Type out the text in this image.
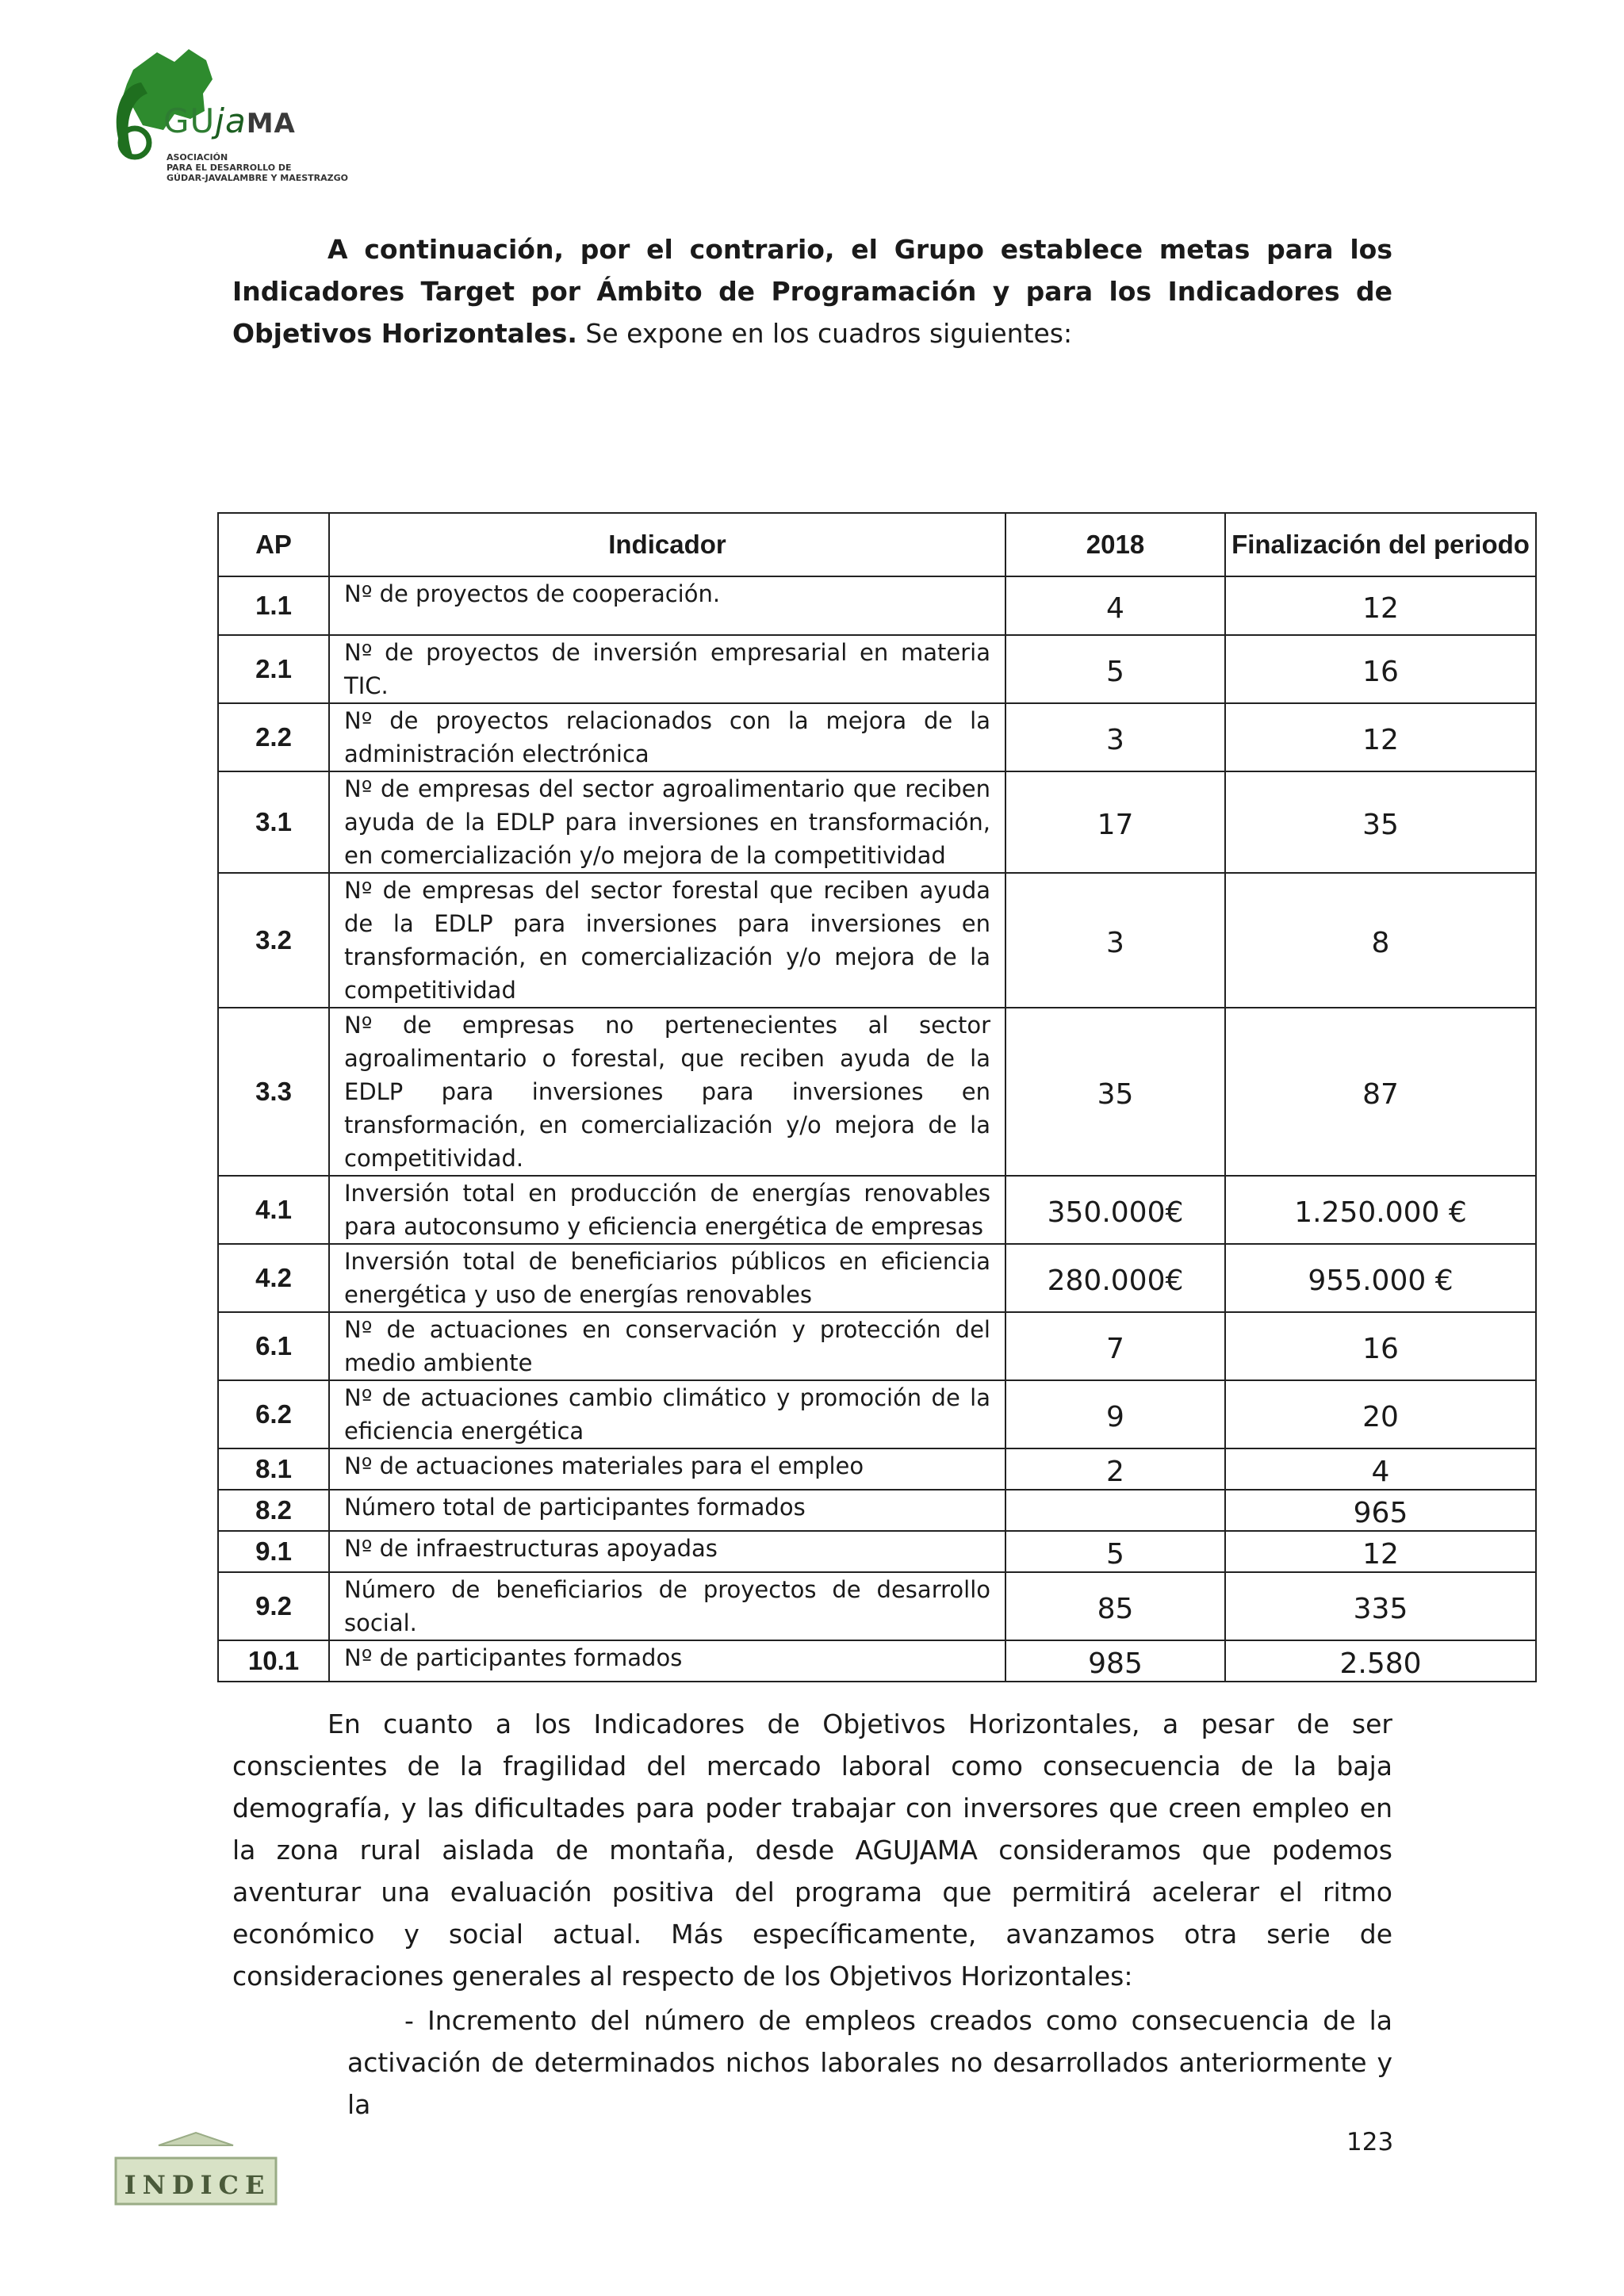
GUjaMA
ASOCIACIÓN
PARA EL DESARROLLO DE
GÚDAR-JAVALAMBRE Y MAESTRAZGO

A continuación, por el contrario, el Grupo establece metas para los Indicadores Target por Ámbito de Programación y para los Indicadores de Objetivos Horizontales. Se expone en los cuadros siguientes:

AP	Indicador	2018	Finalización del periodo
1.1	Nº de proyectos de cooperación.	4	12
2.1	Nº de proyectos de inversión empresarial en materia TIC.	5	16
2.2	Nº de proyectos relacionados con la mejora de la administración electrónica	3	12
3.1	Nº de empresas del sector agroalimentario que reciben ayuda de la EDLP para inversiones en transformación, en comercialización y/o mejora de la competitividad	17	35
3.2	Nº de empresas del sector forestal que reciben ayuda de la EDLP para inversiones para inversiones en transformación, en comercialización y/o mejora de la competitividad	3	8
3.3	Nº de empresas no pertenecientes al sector agroalimentario o forestal, que reciben ayuda de la EDLP para inversiones para inversiones en transformación, en comercialización y/o mejora de la competitividad.	35	87
4.1	Inversión total en producción de energías renovables para autoconsumo y eficiencia energética de empresas	350.000€	1.250.000 €
4.2	Inversión total de beneficiarios públicos en eficiencia energética y uso de energías renovables	280.000€	955.000 €
6.1	Nº de actuaciones en conservación y protección del medio ambiente	7	16
6.2	Nº de actuaciones cambio climático y promoción de la eficiencia energética	9	20
8.1	Nº de actuaciones materiales para el empleo	2	4
8.2	Número total de participantes formados		965
9.1	Nº de infraestructuras apoyadas	5	12
9.2	Número de beneficiarios de proyectos de desarrollo social.	85	335
10.1	Nº de participantes formados	985	2.580

En cuanto a los Indicadores de Objetivos Horizontales, a pesar de ser conscientes de la fragilidad del mercado laboral como consecuencia de la baja demografía, y las dificultades para poder trabajar con inversores que creen empleo en la zona rural aislada de montaña, desde AGUJAMA consideramos que podemos aventurar una evaluación positiva del programa que permitirá acelerar el ritmo económico y social actual. Más específicamente, avanzamos otra serie de consideraciones generales al respecto de los Objetivos Horizontales:

- Incremento del número de empleos creados como consecuencia de la activación de determinados nichos laborales no desarrollados anteriormente y la

INDICE
123
